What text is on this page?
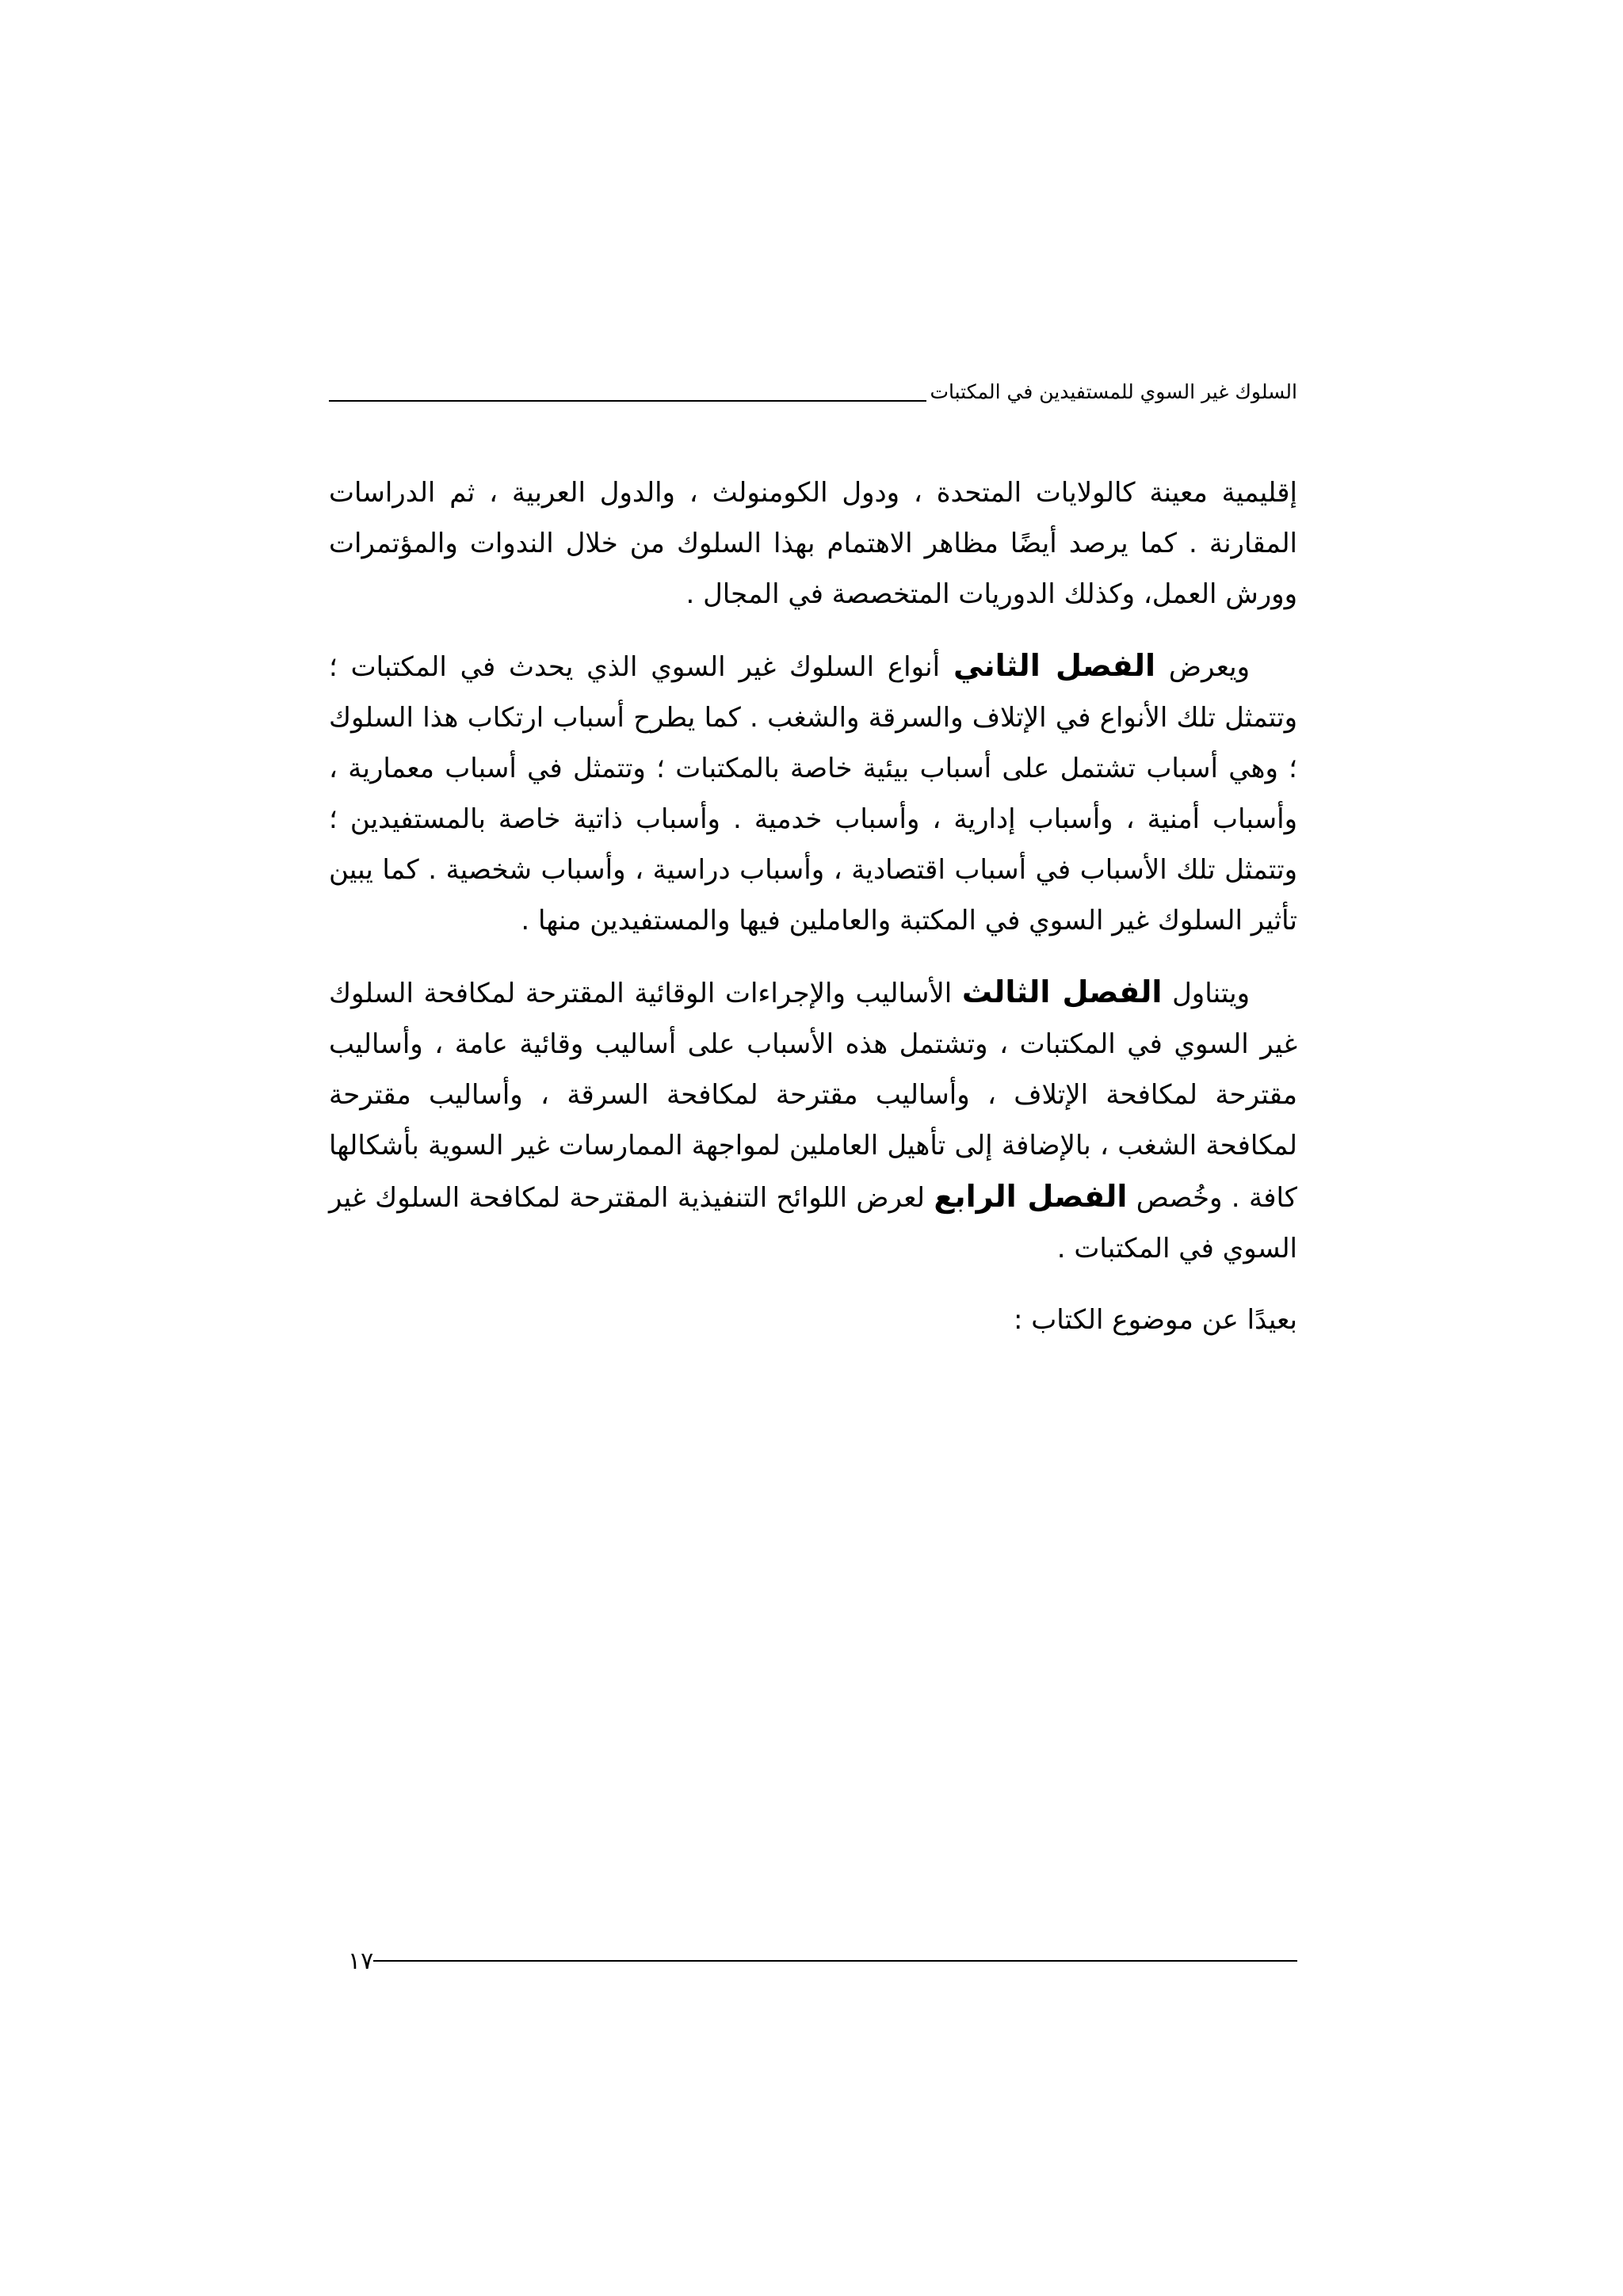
السلوك غير السوي للمستفيدين في المكتبات

إقليمية معينة كالولايات المتحدة ، ودول الكومنولث ، والدول العربية ، ثم الدراسات المقارنة . كما يرصد أيضًا مظاهر الاهتمام بهذا السلوك من خلال الندوات والمؤتمرات وورش العمل، وكذلك الدوريات المتخصصة في المجال .

ويعرض الفصل الثاني أنواع السلوك غير السوي الذي يحدث في المكتبات ؛ وتتمثل تلك الأنواع في الإتلاف والسرقة والشغب . كما يطرح أسباب ارتكاب هذا السلوك ؛ وهي أسباب تشتمل على أسباب بيئية خاصة بالمكتبات ؛ وتتمثل في أسباب معمارية ، وأسباب أمنية ، وأسباب إدارية ، وأسباب خدمية . وأسباب ذاتية خاصة بالمستفيدين ؛ وتتمثل تلك الأسباب في أسباب اقتصادية ، وأسباب دراسية ، وأسباب شخصية . كما يبين تأثير السلوك غير السوي في المكتبة والعاملين فيها والمستفيدين منها .

ويتناول الفصل الثالث الأساليب والإجراءات الوقائية المقترحة لمكافحة السلوك غير السوي في المكتبات ، وتشتمل هذه الأسباب على أساليب وقائية عامة ، وأساليب مقترحة لمكافحة الإتلاف ، وأساليب مقترحة لمكافحة السرقة ، وأساليب مقترحة لمكافحة الشغب ، بالإضافة إلى تأهيل العاملين لمواجهة الممارسات غير السوية بأشكالها كافة . وخُصص الفصل الرابع لعرض اللوائح التنفيذية المقترحة لمكافحة السلوك غير السوي في المكتبات .

بعيدًا عن موضوع الكتاب :

١٧
